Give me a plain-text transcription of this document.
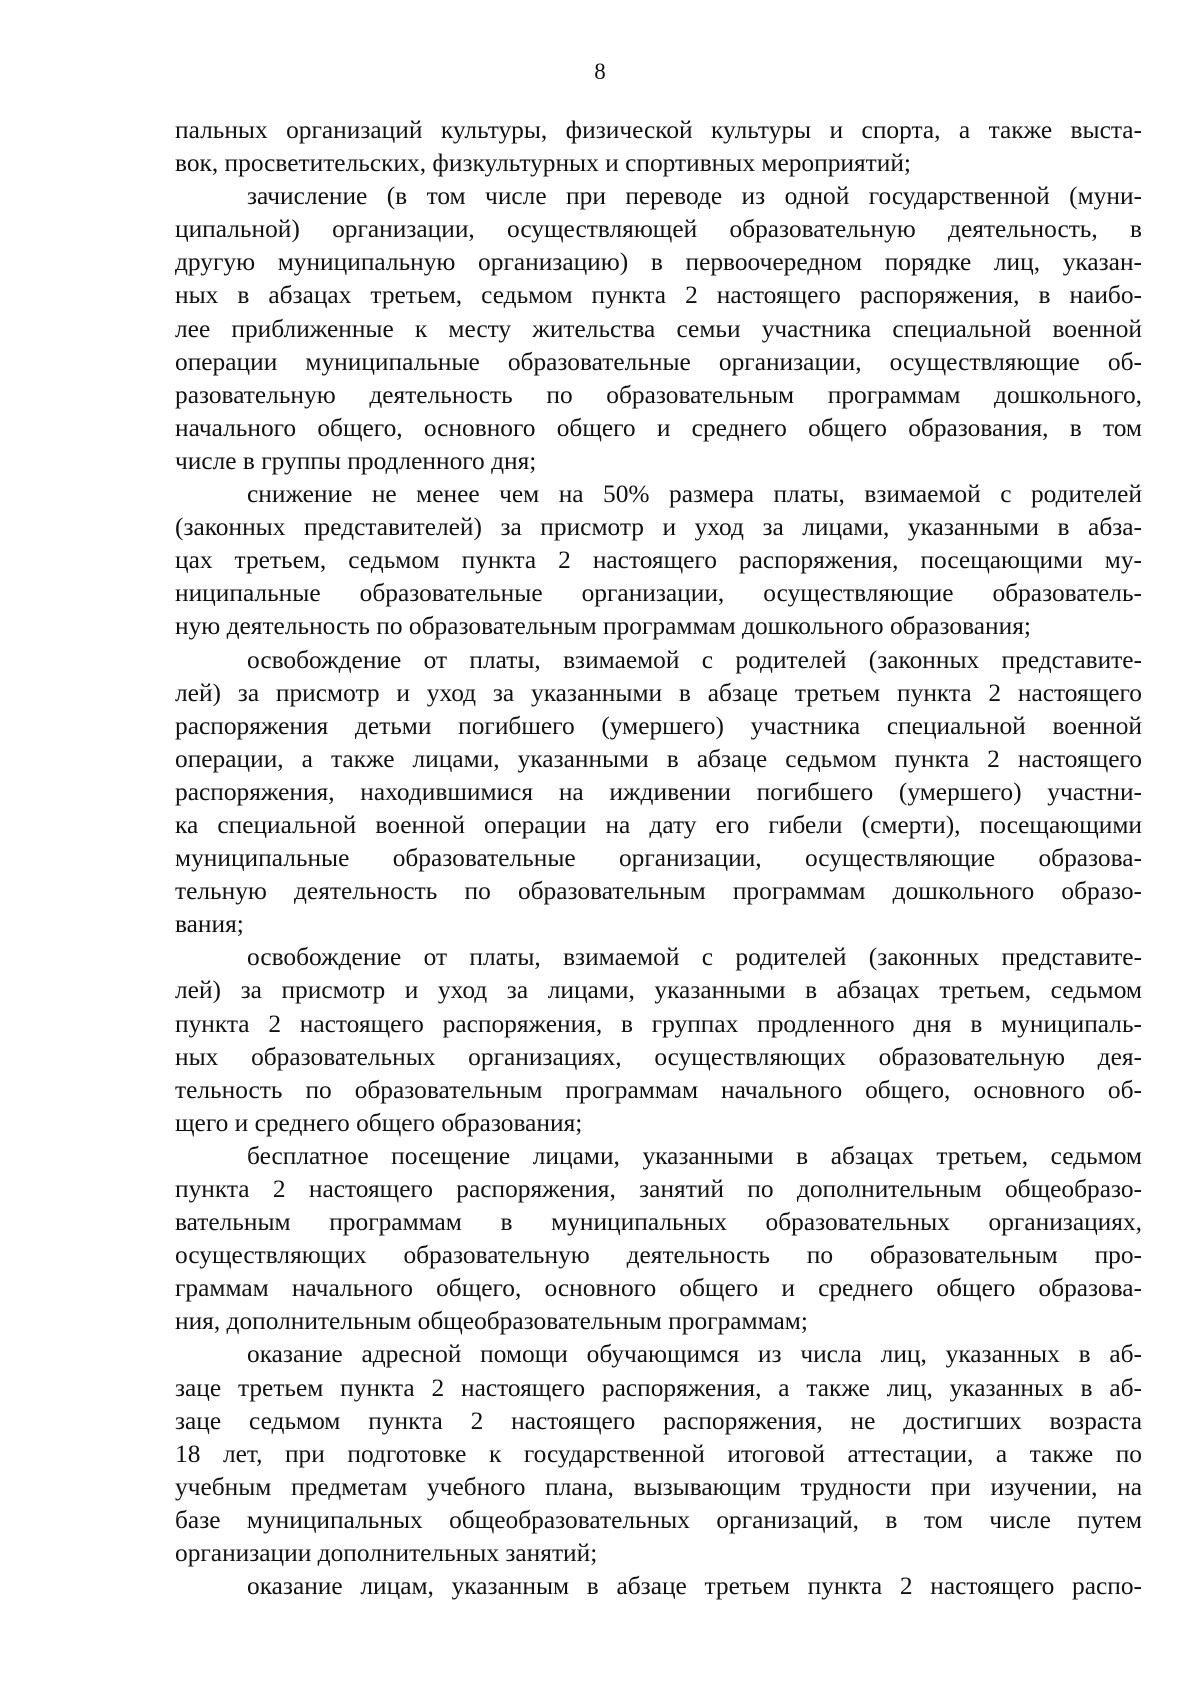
8
пальных организаций культуры, физической культуры и спорта, а также выста-
вок, просветительских, физкультурных и спортивных мероприятий;
зачисление (в том числе при переводе из одной государственной (муни-
ципальной) организации, осуществляющей образовательную деятельность, в
другую муниципальную организацию) в первоочередном порядке лиц, указан-
ных в абзацах третьем, седьмом пункта 2 настоящего распоряжения, в наибо-
лее приближенные к месту жительства семьи участника специальной военной
операции муниципальные образовательные организации, осуществляющие об-
разовательную деятельность по образовательным программам дошкольного,
начального общего, основного общего и среднего общего образования, в том
числе в группы продленного дня;
снижение не менее чем на 50% размера платы, взимаемой с родителей
(законных представителей) за присмотр и уход за лицами, указанными в абза-
цах третьем, седьмом пункта 2 настоящего распоряжения, посещающими му-
ниципальные образовательные организации, осуществляющие образователь-
ную деятельность по образовательным программам дошкольного образования;
освобождение от платы, взимаемой с родителей (законных представите-
лей) за присмотр и уход за указанными в абзаце третьем пункта 2 настоящего
распоряжения детьми погибшего (умершего) участника специальной военной
операции, а также лицами, указанными в абзаце седьмом пункта 2 настоящего
распоряжения, находившимися на иждивении погибшего (умершего) участни-
ка специальной военной операции на дату его гибели (смерти), посещающими
муниципальные образовательные организации, осуществляющие образова-
тельную деятельность по образовательным программам дошкольного образо-
вания;
освобождение от платы, взимаемой с родителей (законных представите-
лей) за присмотр и уход за лицами, указанными в абзацах третьем, седьмом
пункта 2 настоящего распоряжения, в группах продленного дня в муниципаль-
ных образовательных организациях, осуществляющих образовательную дея-
тельность по образовательным программам начального общего, основного об-
щего и среднего общего образования;
бесплатное посещение лицами, указанными в абзацах третьем, седьмом
пункта 2 настоящего распоряжения, занятий по дополнительным общеобразо-
вательным программам в муниципальных образовательных организациях,
осуществляющих образовательную деятельность по образовательным про-
граммам начального общего, основного общего и среднего общего образова-
ния, дополнительным общеобразовательным программам;
оказание адресной помощи обучающимся из числа лиц, указанных в аб-
заце третьем пункта 2 настоящего распоряжения, а также лиц, указанных в аб-
заце седьмом пункта 2 настоящего распоряжения, не достигших возраста
18 лет, при подготовке к государственной итоговой аттестации, а также по
учебным предметам учебного плана, вызывающим трудности при изучении, на
базе муниципальных общеобразовательных организаций, в том числе путем
организации дополнительных занятий;
оказание лицам, указанным в абзаце третьем пункта 2 настоящего распо-
